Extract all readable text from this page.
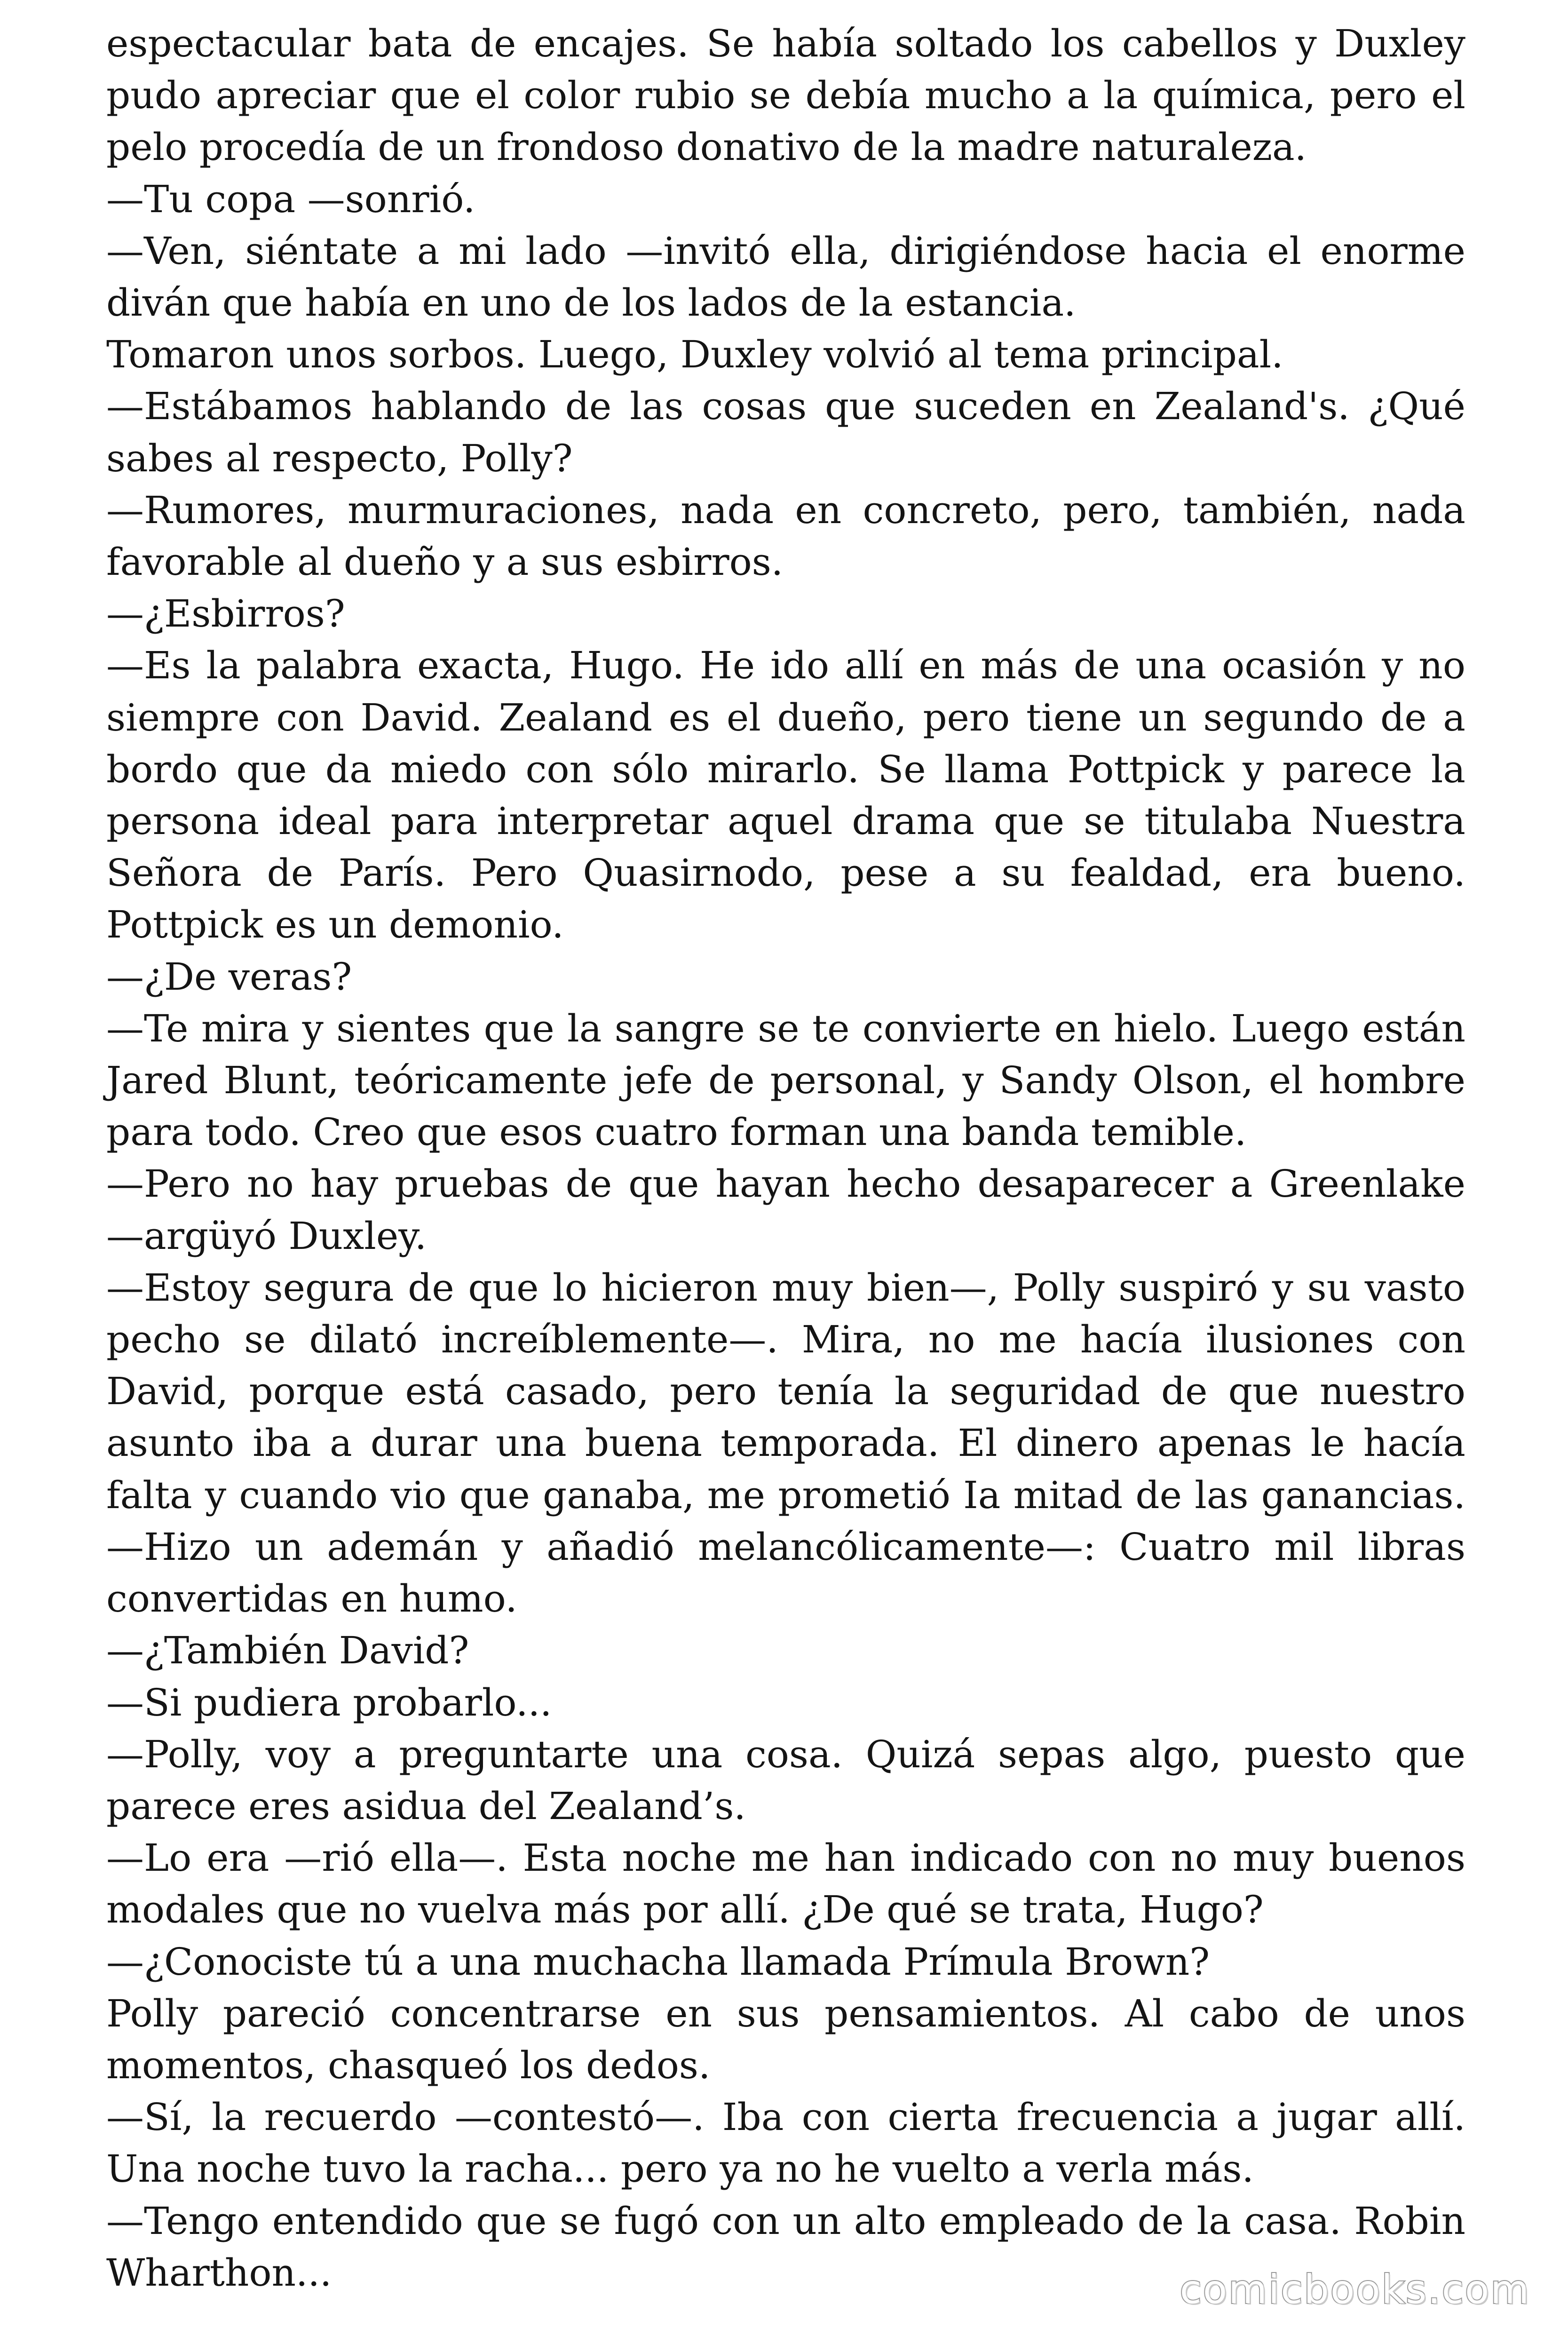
espectacular bata de encajes. Se había soltado los cabellos y Duxley pudo apreciar que el color rubio se debía mucho a la química, pero el pelo procedía de un frondoso donativo de la madre naturaleza.

—Tu copa —sonrió.

—Ven, siéntate a mi lado —invitó ella, dirigiéndose hacia el enorme diván que había en uno de los lados de la estancia.

Tomaron unos sorbos. Luego, Duxley volvió al tema principal.

—Estábamos hablando de las cosas que suceden en Zealand's. ¿Qué sabes al respecto, Polly?

—Rumores, murmuraciones, nada en concreto, pero, también, nada favorable al dueño y a sus esbirros.

—¿Esbirros?

—Es la palabra exacta, Hugo. He ido allí en más de una ocasión y no siempre con David. Zealand es el dueño, pero tiene un segundo de a bordo que da miedo con sólo mirarlo. Se llama Pottpick y parece la persona ideal para interpretar aquel drama que se titulaba Nuestra Señora de París. Pero Quasirnodo, pese a su fealdad, era bueno. Pottpick es un demonio.

—¿De veras?

—Te mira y sientes que la sangre se te convierte en hielo. Luego están Jared Blunt, teóricamente jefe de personal, y Sandy Olson, el hombre para todo. Creo que esos cuatro forman una banda temible.

—Pero no hay pruebas de que hayan hecho desaparecer a Greenlake —argüyó Duxley.

—Estoy segura de que lo hicieron muy bien—, Polly suspiró y su vasto pecho se dilató increíblemente—. Mira, no me hacía ilusiones con David, porque está casado, pero tenía la seguridad de que nuestro asunto iba a durar una buena temporada. El dinero apenas le hacía falta y cuando vio que ganaba, me prometió Ia mitad de las ganancias. —Hizo un ademán y añadió melancólicamente—: Cuatro mil libras convertidas en humo.

—¿También David?

—Si pudiera probarlo...

—Polly, voy a preguntarte una cosa. Quizá sepas algo, puesto que parece eres asidua del Zealand’s.

—Lo era —rió ella—. Esta noche me han indicado con no muy buenos modales que no vuelva más por allí. ¿De qué se trata, Hugo?

—¿Conociste tú a una muchacha llamada Prímula Brown?

Polly pareció concentrarse en sus pensamientos. Al cabo de unos momentos, chasqueó los dedos.

—Sí, la recuerdo —contestó—. Iba con cierta frecuencia a jugar allí. Una noche tuvo la racha... pero ya no he vuelto a verla más.

—Tengo entendido que se fugó con un alto empleado de la casa. Robin Wharthon...	comicbooks.com
